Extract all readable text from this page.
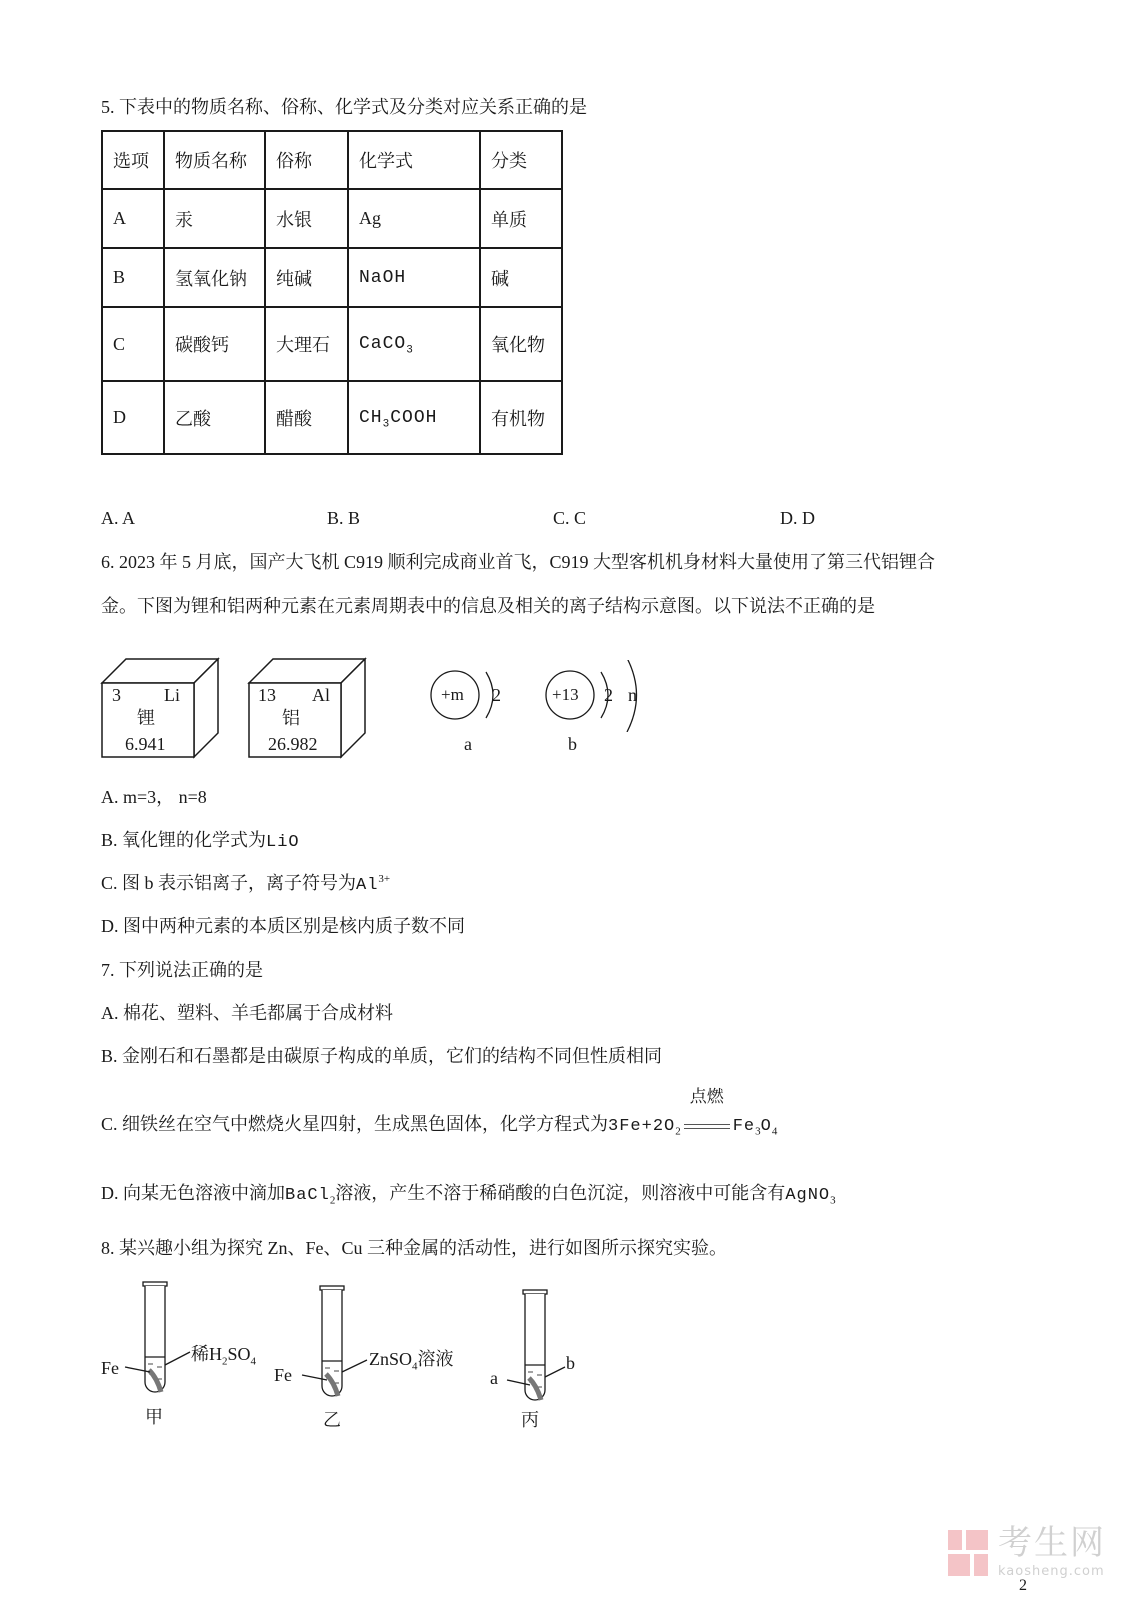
5. 下表中的物质名称、俗称、化学式及分类对应关系正确的是
选项	物质名称	俗称	化学式	分类
A	汞	水银	Ag	单质
B	氢氧化钠	纯碱	NaOH	碱
C	碳酸钙	大理石	CaCO$_3$	氧化物
D	乙酸	醋酸	$CH_3COOH$	有机物
A. A	B. B	C. C	D. D
6. 2023 年 5 月底，国产大飞机 C919 顺利完成商业首飞，C919 大型客机机身材料大量使用了第三代铝锂合
金。下图为锂和铝两种元素在元素周期表中的信息及相关的离子结构示意图。以下说法不正确的是
3 Li
锂
6.941
13 Al
铝
26.982
+m 2
a
+13 2 n
b
A. m=3， n=8
B. 氧化锂的化学式为LiO
C. 图 b 表示铝离子，离子符号为$Al^{3+}$
D. 图中两种元素的本质区别是核内质子数不同
7. 下列说法正确的是
A. 棉花、塑料、羊毛都属于合成材料
B. 金刚石和石墨都是由碳原子构成的单质，它们的结构不同但性质相同
点燃
C. 细铁丝在空气中燃烧火星四射，生成黑色固体，化学方程式为$3Fe+2O_2$	$Fe_3O_4$
D. 向某无色溶液中滴加BaCl$_2$溶液，产生不溶于稀硝酸的白色沉淀，则溶液中可能含有AgNO$_3$
8. 某兴趣小组为探究 Zn、Fe、Cu 三种金属的活动性，进行如图所示探究实验。
Fe
稀$H_2SO_4$
甲
Fe
ZnSO$_4$溶液
乙
a
b
丙
考生网
kaosheng.com
2
